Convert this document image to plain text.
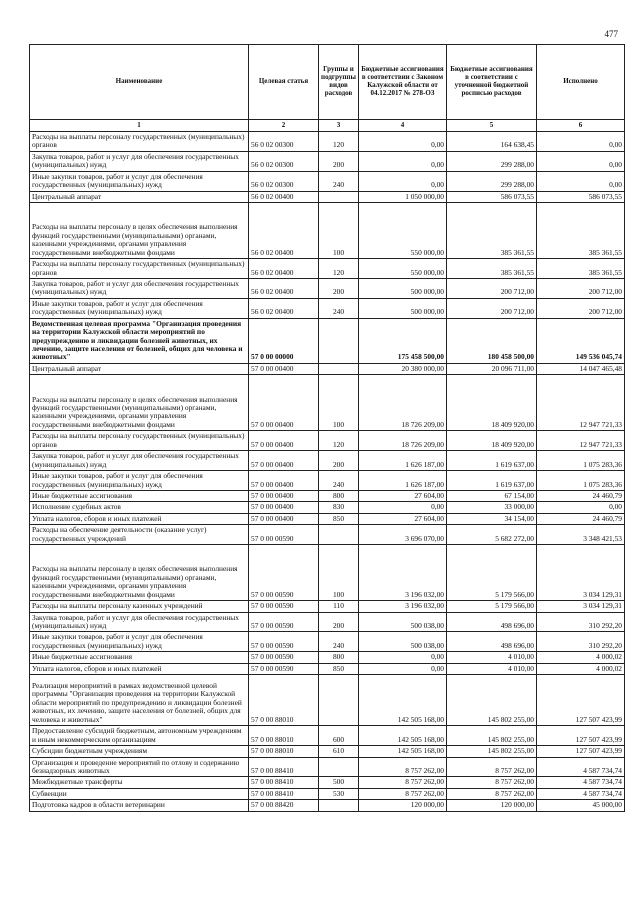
477
Наименование	Целевая статья	Группы и подгруппы видов расходов	Бюджетные ассигнования в соответствии с Законом Калужской области от 04.12.2017 № 278-ОЗ	Бюджетные ассигнования в соответствии с уточненной бюджетной росписью расходов	Исполнено
1	2	3	4	5	6
Расходы на выплаты персоналу государственных (муниципальных) органов	56 0 02 00300	120	0,00	164 638,45	0,00
Закупка товаров, работ и услуг для обеспечения государственных (муниципальных) нужд	56 0 02 00300	200	0,00	299 288,00	0,00
Иные закупки товаров, работ и услуг для обеспечения государственных (муниципальных) нужд	56 0 02 00300	240	0,00	299 288,00	0,00
Центральный аппарат	56 0 02 00400		1 050 000,00	586 073,55	586 073,55
Расходы на выплаты персоналу в целях обеспечения выполнения функций государственными (муниципальными) органами, казенными учреждениями, органами управления государственными внебюджетными фондами	56 0 02 00400	100	550 000,00	385 361,55	385 361,55
Расходы на выплаты персоналу государственных (муниципальных) органов	56 0 02 00400	120	550 000,00	385 361,55	385 361,55
Закупка товаров, работ и услуг для обеспечения государственных (муниципальных) нужд	56 0 02 00400	200	500 000,00	200 712,00	200 712,00
Иные закупки товаров, работ и услуг для обеспечения государственных (муниципальных) нужд	56 0 02 00400	240	500 000,00	200 712,00	200 712,00
Ведомственная целевая программа "Организация проведения на территории Калужской области мероприятий по предупреждению и ликвидации болезней животных, их лечению, защите населения от болезней, общих для человека и животных"	57 0 00 00000		175 458 500,00	180 458 500,00	149 536 045,74
Центральный аппарат	57 0 00 00400		20 380 000,00	20 096 711,00	14 047 465,48
Расходы на выплаты персоналу в целях обеспечения выполнения функций государственными (муниципальными) органами, казенными учреждениями, органами управления государственными внебюджетными фондами	57 0 00 00400	100	18 726 209,00	18 409 920,00	12 947 721,33
Расходы на выплаты персоналу государственных (муниципальных) органов	57 0 00 00400	120	18 726 209,00	18 409 920,00	12 947 721,33
Закупка товаров, работ и услуг для обеспечения государственных (муниципальных) нужд	57 0 00 00400	200	1 626 187,00	1 619 637,00	1 075 283,36
Иные закупки товаров, работ и услуг для обеспечения государственных (муниципальных) нужд	57 0 00 00400	240	1 626 187,00	1 619 637,00	1 075 283,36
Иные бюджетные ассигнования	57 0 00 00400	800	27 604,00	67 154,00	24 460,79
Исполнение судебных актов	57 0 00 00400	830	0,00	33 000,00	0,00
Уплата налогов, сборов и иных платежей	57 0 00 00400	850	27 604,00	34 154,00	24 460,79
Расходы на обеспечение деятельности (оказание услуг) государственных учреждений	57 0 00 00590		3 696 070,00	5 682 272,00	3 348 421,53
Расходы на выплаты персоналу в целях обеспечения выполнения функций государственными (муниципальными) органами, казенными учреждениями, органами управления государственными внебюджетными фондами	57 0 00 00590	100	3 196 032,00	5 179 566,00	3 034 129,31
Расходы на выплаты персоналу казенных учреждений	57 0 00 00590	110	3 196 032,00	5 179 566,00	3 034 129,31
Закупка товаров, работ и услуг для обеспечения государственных (муниципальных) нужд	57 0 00 00590	200	500 038,00	498 696,00	310 292,20
Иные закупки товаров, работ и услуг для обеспечения государственных (муниципальных) нужд	57 0 00 00590	240	500 038,00	498 696,00	310 292,20
Иные бюджетные ассигнования	57 0 00 00590	800	0,00	4 010,00	4 000,02
Уплата налогов, сборов и иных платежей	57 0 00 00590	850	0,00	4 010,00	4 000,02
Реализация мероприятий в рамках ведомственной целевой программы "Организация проведения на территории Калужской области мероприятий по предупреждению и ликвидации болезней животных, их лечению, защите населения от болезней, общих для человека и животных"	57 0 00 88010		142 505 168,00	145 802 255,00	127 507 423,99
Предоставление субсидий бюджетным, автономным учреждениям и иным некоммерческим организациям	57 0 00 88010	600	142 505 168,00	145 802 255,00	127 507 423,99
Субсидии бюджетным учреждениям	57 0 00 88010	610	142 505 168,00	145 802 255,00	127 507 423,99
Организация и проведение мероприятий по отлову и содержанию безнадзорных животных	57 0 00 88410		8 757 262,00	8 757 262,00	4 587 734,74
Межбюджетные трансферты	57 0 00 88410	500	8 757 262,00	8 757 262,00	4 587 734,74
Субвенции	57 0 00 88410	530	8 757 262,00	8 757 262,00	4 587 734,74
Подготовка кадров в области ветеринарии	57 0 00 88420		120 000,00	120 000,00	45 000,00
